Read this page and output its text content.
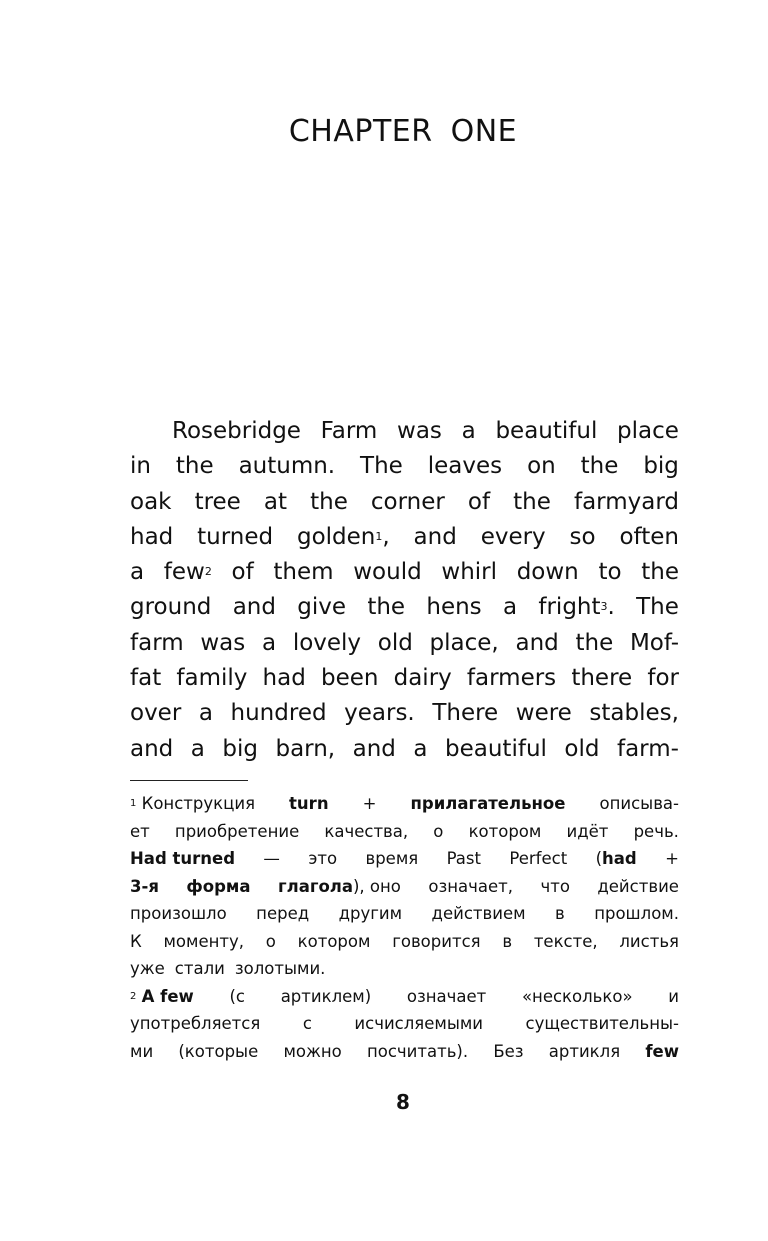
CHAPTER ONE
Rosebridge Farm was a beautiful place
in the autumn. The leaves on the big
oak tree at the corner of the farmyard
had turned golden$^1$, and every so often
a few$^2$ of them would whirl down to the
ground and give the hens a fright$^3$. The
farm was a lovely old place, and the Mof-
fat family had been dairy farmers there for
over a hundred years. There were stables,
and a big barn, and a beautiful old farm-
$^1$ Конструкция turn + прилагательное описыва-
ет приобретение качества, о котором идёт речь.
Had turned — это время Past Perfect (had +
3-я форма глагола), оно означает, что действие
произошло перед другим действием в прошлом.
К моменту, о котором говорится в тексте, листья
уже стали золотыми.
$^2$ A few (с артиклем) означает «несколько» и
употребляется	с	исчисляемыми	существительны-
ми (которые можно посчитать). Без артикля few
8
